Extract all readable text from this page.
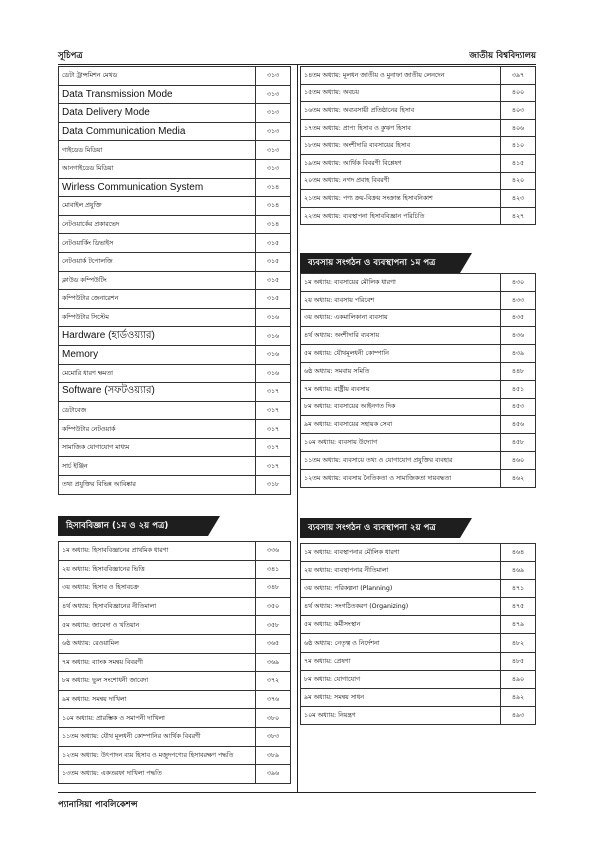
সূচিপত্র	জাতীয় বিশ্ববিদ্যালয়
ডেটা ট্রান্সমিশন মেথড	৩১৩
Data Transmission Mode	৩১৩
Data Delivery Mode	৩১৩
Data Communication Media	৩১৩
গাইডেড মিডিয়া	৩১৩
আনগাইডেড মিডিয়া	৩১৩
Wirless Communication System	৩১৪
মোবাইল প্রযুক্তি	৩১৪
নেটওয়ার্কের প্রকারভেদ	৩১৪
নেটওয়ার্কিং ডিভাইস	৩১৫
নেটওয়ার্ক টপোলজি	৩১৫
ক্লাউড কম্পিউটিং	৩১৫
কম্পিউটার জেনারেশন	৩১৫
কম্পিউটার সিস্টেম	৩১৬
Hardware (হার্ডওয়্যার)	৩১৬
Memory	৩১৬
মেমোরি ধারণ ক্ষমতা	৩১৬
Software (সফটওয়্যার)	৩১৭
ডেটাবেজ	৩১৭
কম্পিউটার নেটওয়ার্ক	৩১৭
সামাজিক যোগাযোগ মাধ্যম	৩১৭
সার্চ ইঞ্জিন	৩১৭
তথ্য প্রযুক্তির বিভিন্ন আবিষ্কার	৩১৮
হিসাববিজ্ঞান (১ম ও ২য় পত্র)
১ম অধ্যায়: হিসাববিজ্ঞানের প্রাথমিক ধারণা	৩৩৬
২য় অধ্যায়: হিসাববিজ্ঞানের ভিত্তি	৩৪১
৩য় অধ্যায়: হিসাব ও হিসাবচক্র	৩৪৮
৪র্থ অধ্যায়: হিসাববিজ্ঞানের নীতিমালা	৩৫০
৫ম অধ্যায়: জাবেদা ও খতিয়ান	৩৫৮
৬ষ্ঠ অধ্যায়: রেওয়ামিল	৩৬৫
৭ম অধ্যায়: ব্যাংক সমন্বয় বিবরণী	৩৬৯
৮ম অধ্যায়: ভুল সংশোধনী জাবেদা	৩৭২
৯ম অধ্যায়: সমন্বয় দাখিলা	৩৭৬
১০ম অধ্যায়: প্রারম্ভিক ও সমাপনী দাখিলা	৩৮০
১১তম অধ্যায়: যৌথ মূলধনী কোম্পানির আর্থিক বিবরণী	৩৮৩
১২তম অধ্যায়: উৎপাদন ব্যয় হিসাব ও মজুদপণ্যের হিসাবরক্ষণ পদ্ধতি	৩৮৯
১৩তম অধ্যায়: একতরফা দাখিলা পদ্ধতি	৩৯৬
১৪তম অধ্যায়: মূলধন জাতীয় ও মুনাফা জাতীয় লেনদেন	৩৯৭
১৫তম অধ্যায়: অবচয়	৪০০
১৬তম অধ্যায়: অব্যবসায়ী প্রতিষ্ঠানের হিসাব	৪০৩
১৭তম অধ্যায়: প্রাপ্য হিসাব ও কুঋণ হিসাব	৪০৬
১৮তম অধ্যায়: অংশীদারি ব্যবসায়ের হিসাব	৪১০
১৯তম অধ্যায়: আর্থিক বিবরণী বিশ্লেষণ	৪১৫
২০তম অধ্যায়: নগদ প্রবাহ বিবরণী	৪২০
২১তম অধ্যায়: পণ্য ক্রয়-বিক্রয় সংক্রান্ত হিসাবনিকাশ	৪২৩
২২তম অধ্যায়: ব্যবস্থাপনা হিসাববিজ্ঞান পরিচিতি	৪২৭
ব্যবসায় সংগঠন ও ব্যবস্থাপনা ১ম পত্র
১ম অধ্যায়: ব্যবসায়ের মৌলিক ধারণা	৪৩০
২য় অধ্যায়: ব্যবসায় পরিবেশ	৪৩৩
৩য় অধ্যায়: একমালিকানা ব্যবসায়	৪৩৫
৪র্থ অধ্যায়: অংশীদারি ব্যবসায়	৪৩৬
৫ম অধ্যায়: যৌথমূলধনী কোম্পানি	৪৩৯
৬ষ্ঠ অধ্যায়: সমবায় সমিতি	৪৪৮
৭ম অধ্যায়: রাষ্ট্রীয় ব্যবসায়	৪৫১
৮ম অধ্যায়: ব্যবসায়ের আইনগত দিক	৪৫৩
৯ম অধ্যায়: ব্যবসায়ের সহায়ক সেবা	৪৫৬
১০ম অধ্যায়: ব্যবসায় উদ্যোগ	৪৫৮
১১তম অধ্যায়: ব্যবসায়ে তথ্য ও যোগাযোগ প্রযুক্তির ব্যবহার	৪৬০
১২তম অধ্যায়: ব্যবসায় নৈতিকতা ও সামাজিকতা দায়বদ্ধতা	৪৬২
ব্যবসায় সংগঠন ও ব্যবস্থাপনা ২য় পত্র
১ম অধ্যায়: ব্যবস্থাপনার মৌলিক ধারণা	৪৬৪
২য় অধ্যায়: ব্যবস্থাপনার নীতিমালা	৪৬৯
৩য় অধ্যায়: পরিকল্পনা (Planning)	৪৭১
৪র্থ অধ্যায়: সংগঠিতকরণ (Organizing)	৪৭৫
৫ম অধ্যায়: কর্মীসংস্থান	৪৭৯
৬ষ্ঠ অধ্যায়: নেতৃত্ব ও নির্দেশনা	৪৮২
৭ম অধ্যায়: প্রেষণা	৪৮৫
৮ম অধ্যায়: যোগাযোগ	৪৯০
৯ম অধ্যায়: সমন্বয় সাধন	৪৯২
১০ম অধ্যায়: নিয়ন্ত্রণ	৪৯৩
প্যানাসিয়া পাবলিকেশন্স
